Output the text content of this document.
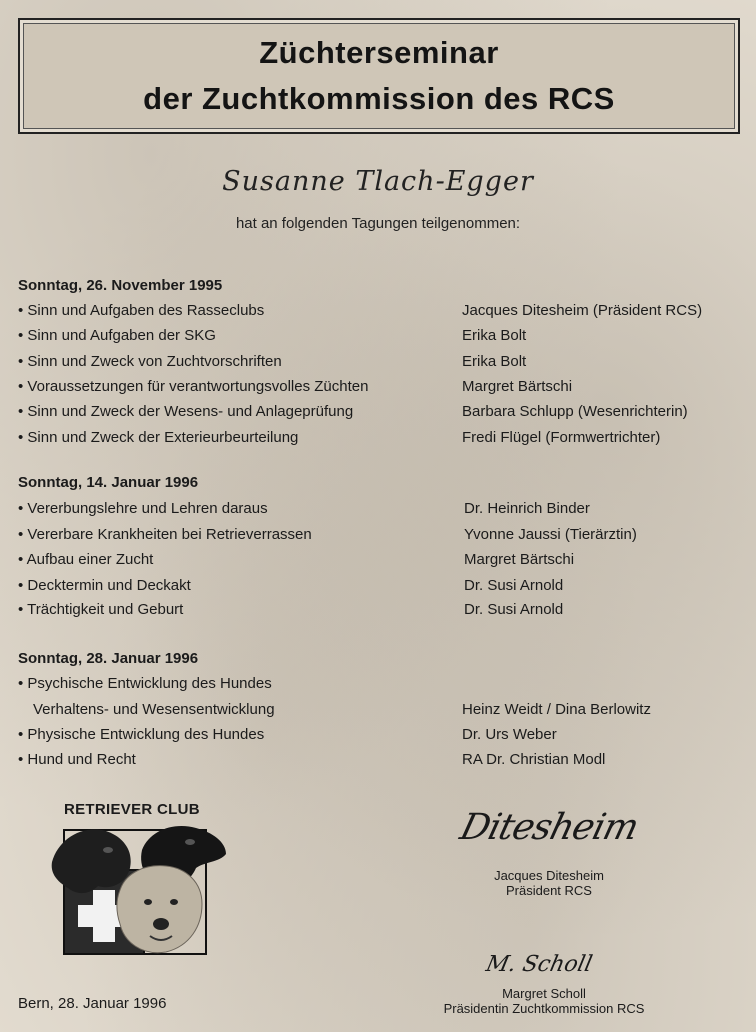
Züchterseminar
der Zuchtkommission des RCS
Susanne Tlach-Egger
hat an folgenden Tagungen teilgenommen:
Sonntag, 26. November 1995
• Sinn und Aufgaben des Rasseclubs	Jacques Ditesheim (Präsident RCS)
• Sinn und Aufgaben der SKG	Erika Bolt
• Sinn und Zweck von Zuchtvorschriften	Erika Bolt
• Voraussetzungen für verantwortungsvolles Züchten	Margret Bärtschi
• Sinn und Zweck der Wesens- und Anlageprüfung	Barbara Schlupp (Wesenrichterin)
• Sinn und Zweck der Exterieurbeurteilung	Fredi Flügel (Formwertrichter)
Sonntag, 14. Januar 1996
• Vererbungslehre und Lehren daraus	Dr. Heinrich Binder
• Vererbare Krankheiten bei Retrieverrassen	Yvonne Jaussi (Tierärztin)
• Aufbau einer Zucht	Margret Bärtschi
• Decktermin und Deckakt	Dr. Susi Arnold
• Trächtigkeit und Geburt	Dr. Susi Arnold
Sonntag, 28. Januar 1996
• Psychische Entwicklung des Hundes
Verhaltens- und Wesensentwicklung	Heinz Weidt / Dina Berlowitz
• Physische Entwicklung des Hundes	Dr. Urs Weber
• Hund und Recht	RA Dr. Christian Modl
RETRIEVER CLUB	Ditesheim
Jacques Ditesheim
Präsident RCS
M. Scholl
Margret Scholl
Präsidentin Zuchtkommission RCS
Bern, 28. Januar 1996
